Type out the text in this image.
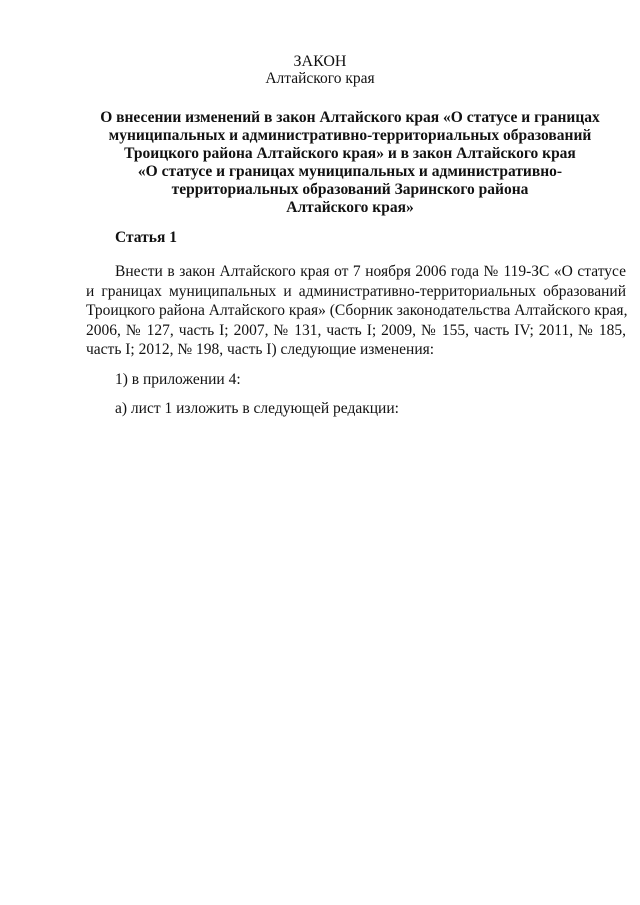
ЗАКОН
Алтайского края
О внесении изменений в закон Алтайского края «О статусе и границах
муниципальных и административно-территориальных образований
Троицкого района Алтайского края» и в закон Алтайского края
«О статусе и границах муниципальных и административно-
территориальных образований Заринского района
Алтайского края»
Статья 1
Внести в закон Алтайского края от 7 ноября 2006 года № 119-ЗС «О статусе
и границах муниципальных и административно-территориальных образований
Троицкого района Алтайского края» (Сборник законодательства Алтайского края,
2006, № 127, часть I; 2007, № 131, часть I; 2009, № 155, часть IV; 2011, № 185,
часть I; 2012, № 198, часть I) следующие изменения:
1) в приложении 4:
а) лист 1 изложить в следующей редакции:
